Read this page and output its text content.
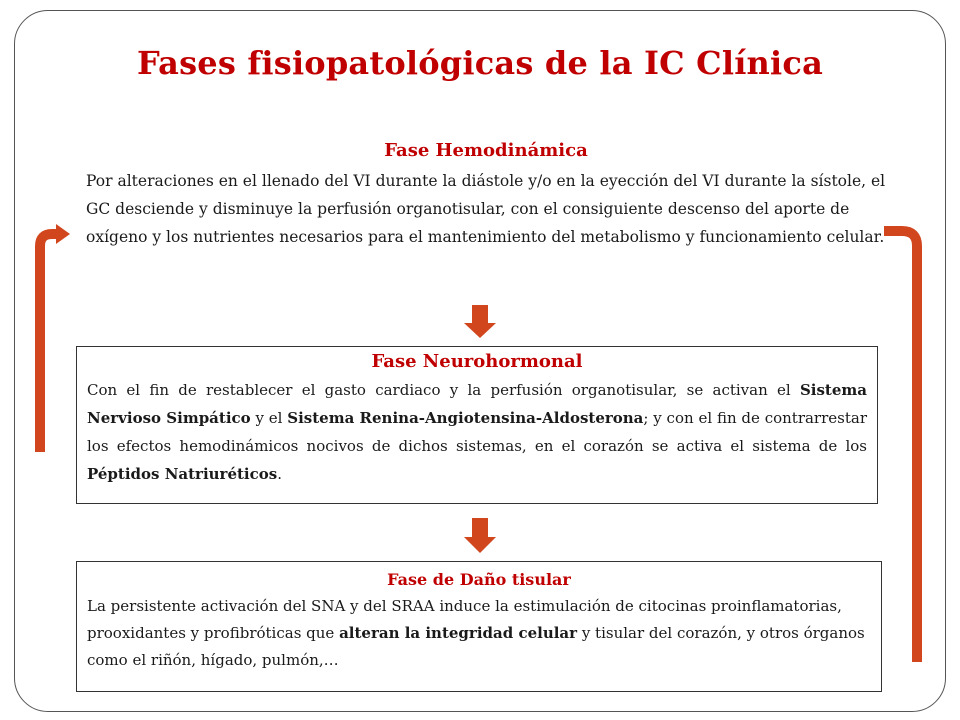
Fases fisiopatológicas de la IC Clínica
Fase Hemodinámica
Por alteraciones en el llenado del VI durante la diástole y/o en la eyección del VI durante la sístole, el GC desciende y disminuye la perfusión organotisular, con el consiguiente descenso del aporte de oxígeno y los nutrientes necesarios para el mantenimiento del metabolismo y funcionamiento celular.
Fase Neurohormonal
Con el fin de restablecer el gasto cardiaco y la perfusión organotisular, se activan el Sistema Nervioso Simpático y el Sistema Renina-Angiotensina-Aldosterona; y con el fin de contrarrestar los efectos hemodinámicos nocivos de dichos sistemas, en el corazón se activa el sistema de los Péptidos Natriuréticos.
Fase de Daño tisular
La persistente activación del SNA y del SRAA induce la estimulación de citocinas proinflamatorias, prooxidantes y profibróticas que alteran la integridad celular y tisular del corazón, y otros órganos como el riñón, hígado, pulmón,…
